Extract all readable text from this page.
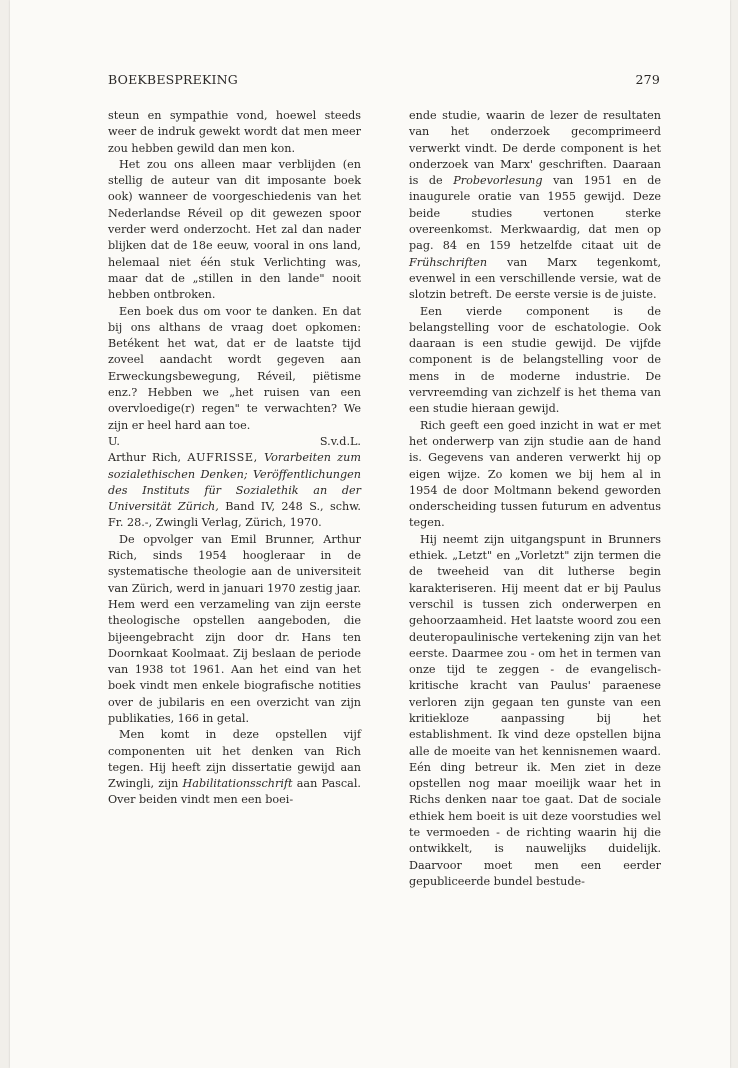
BOEKBESPREKING	279

steun en sympathie vond, hoewel steeds weer de indruk gewekt wordt dat men meer zou hebben gewild dan men kon.

Het zou ons alleen maar verblijden (en stellig de auteur van dit imposante boek ook) wanneer de voorgeschiedenis van het Nederlandse Réveil op dit gewezen spoor verder werd onderzocht. Het zal dan nader blijken dat de 18e eeuw, vooral in ons land, helemaal niet één stuk Verlichting was, maar dat de „stillen in den lande" nooit hebben ontbroken.

Een boek dus om voor te danken. En dat bij ons althans de vraag doet opkomen: Betékent het wat, dat er de laatste tijd zoveel aandacht wordt gegeven aan Erweckungsbewegung, Réveil, piëtisme enz.? Hebben we „het ruisen van een overvloedige(r) regen" te verwachten? We zijn er heel hard aan toe.

U.	S.v.d.L.

Arthur Rich, AUFRISSE, Vorarbeiten zum sozialethischen Denken; Veröffentlichungen des Instituts für Sozialethik an der Universität Zürich, Band IV, 248 S., schw. Fr. 28.-, Zwingli Verlag, Zürich, 1970.

De opvolger van Emil Brunner, Arthur Rich, sinds 1954 hoogleraar in de systematische theologie aan de universiteit van Zürich, werd in januari 1970 zestig jaar. Hem werd een verzameling van zijn eerste theologische opstellen aangeboden, die bijeengebracht zijn door dr. Hans ten Doornkaat Koolmaat. Zij beslaan de periode van 1938 tot 1961. Aan het eind van het boek vindt men enkele biografische notities over de jubilaris en een overzicht van zijn publikaties, 166 in getal.

Men komt in deze opstellen vijf componenten uit het denken van Rich tegen. Hij heeft zijn dissertatie gewijd aan Zwingli, zijn Habilitationsschrift aan Pascal. Over beiden vindt men een boei-

ende studie, waarin de lezer de resultaten van het onderzoek gecomprimeerd verwerkt vindt. De derde component is het onderzoek van Marx' geschriften. Daaraan is de Probevorlesung van 1951 en de inaugurele oratie van 1955 gewijd. Deze beide studies vertonen sterke overeenkomst. Merkwaardig, dat men op pag. 84 en 159 hetzelfde citaat uit de Frühschriften van Marx tegenkomt, evenwel in een verschillende versie, wat de slotzin betreft. De eerste versie is de juiste.

Een vierde component is de belangstelling voor de eschatologie. Ook daaraan is een studie gewijd. De vijfde component is de belangstelling voor de mens in de moderne industrie. De vervreemding van zichzelf is het thema van een studie hieraan gewijd.

Rich geeft een goed inzicht in wat er met het onderwerp van zijn studie aan de hand is. Gegevens van anderen verwerkt hij op eigen wijze. Zo komen we bij hem al in 1954 de door Moltmann bekend geworden onderscheiding tussen futurum en adventus tegen.

Hij neemt zijn uitgangspunt in Brunners ethiek. „Letzt" en „Vorletzt" zijn termen die de tweeheid van dit lutherse begin karakteriseren. Hij meent dat er bij Paulus verschil is tussen zich onderwerpen en gehoorzaamheid. Het laatste woord zou een deuteropaulinische vertekening zijn van het eerste. Daarmee zou - om het in termen van onze tijd te zeggen - de evangelisch-kritische kracht van Paulus' paraenese verloren zijn gegaan ten gunste van een kritiekloze aanpassing bij het establishment. Ik vind deze opstellen bijna alle de moeite van het kennisnemen waard. Eén ding betreur ik. Men ziet in deze opstellen nog maar moeilijk waar het in Richs denken naar toe gaat. Dat de sociale ethiek hem boeit is uit deze voorstudies wel te vermoeden - de richting waarin hij die ontwikkelt, is nauwelijks duidelijk. Daarvoor moet men een eerder gepubliceerde bundel bestude-
